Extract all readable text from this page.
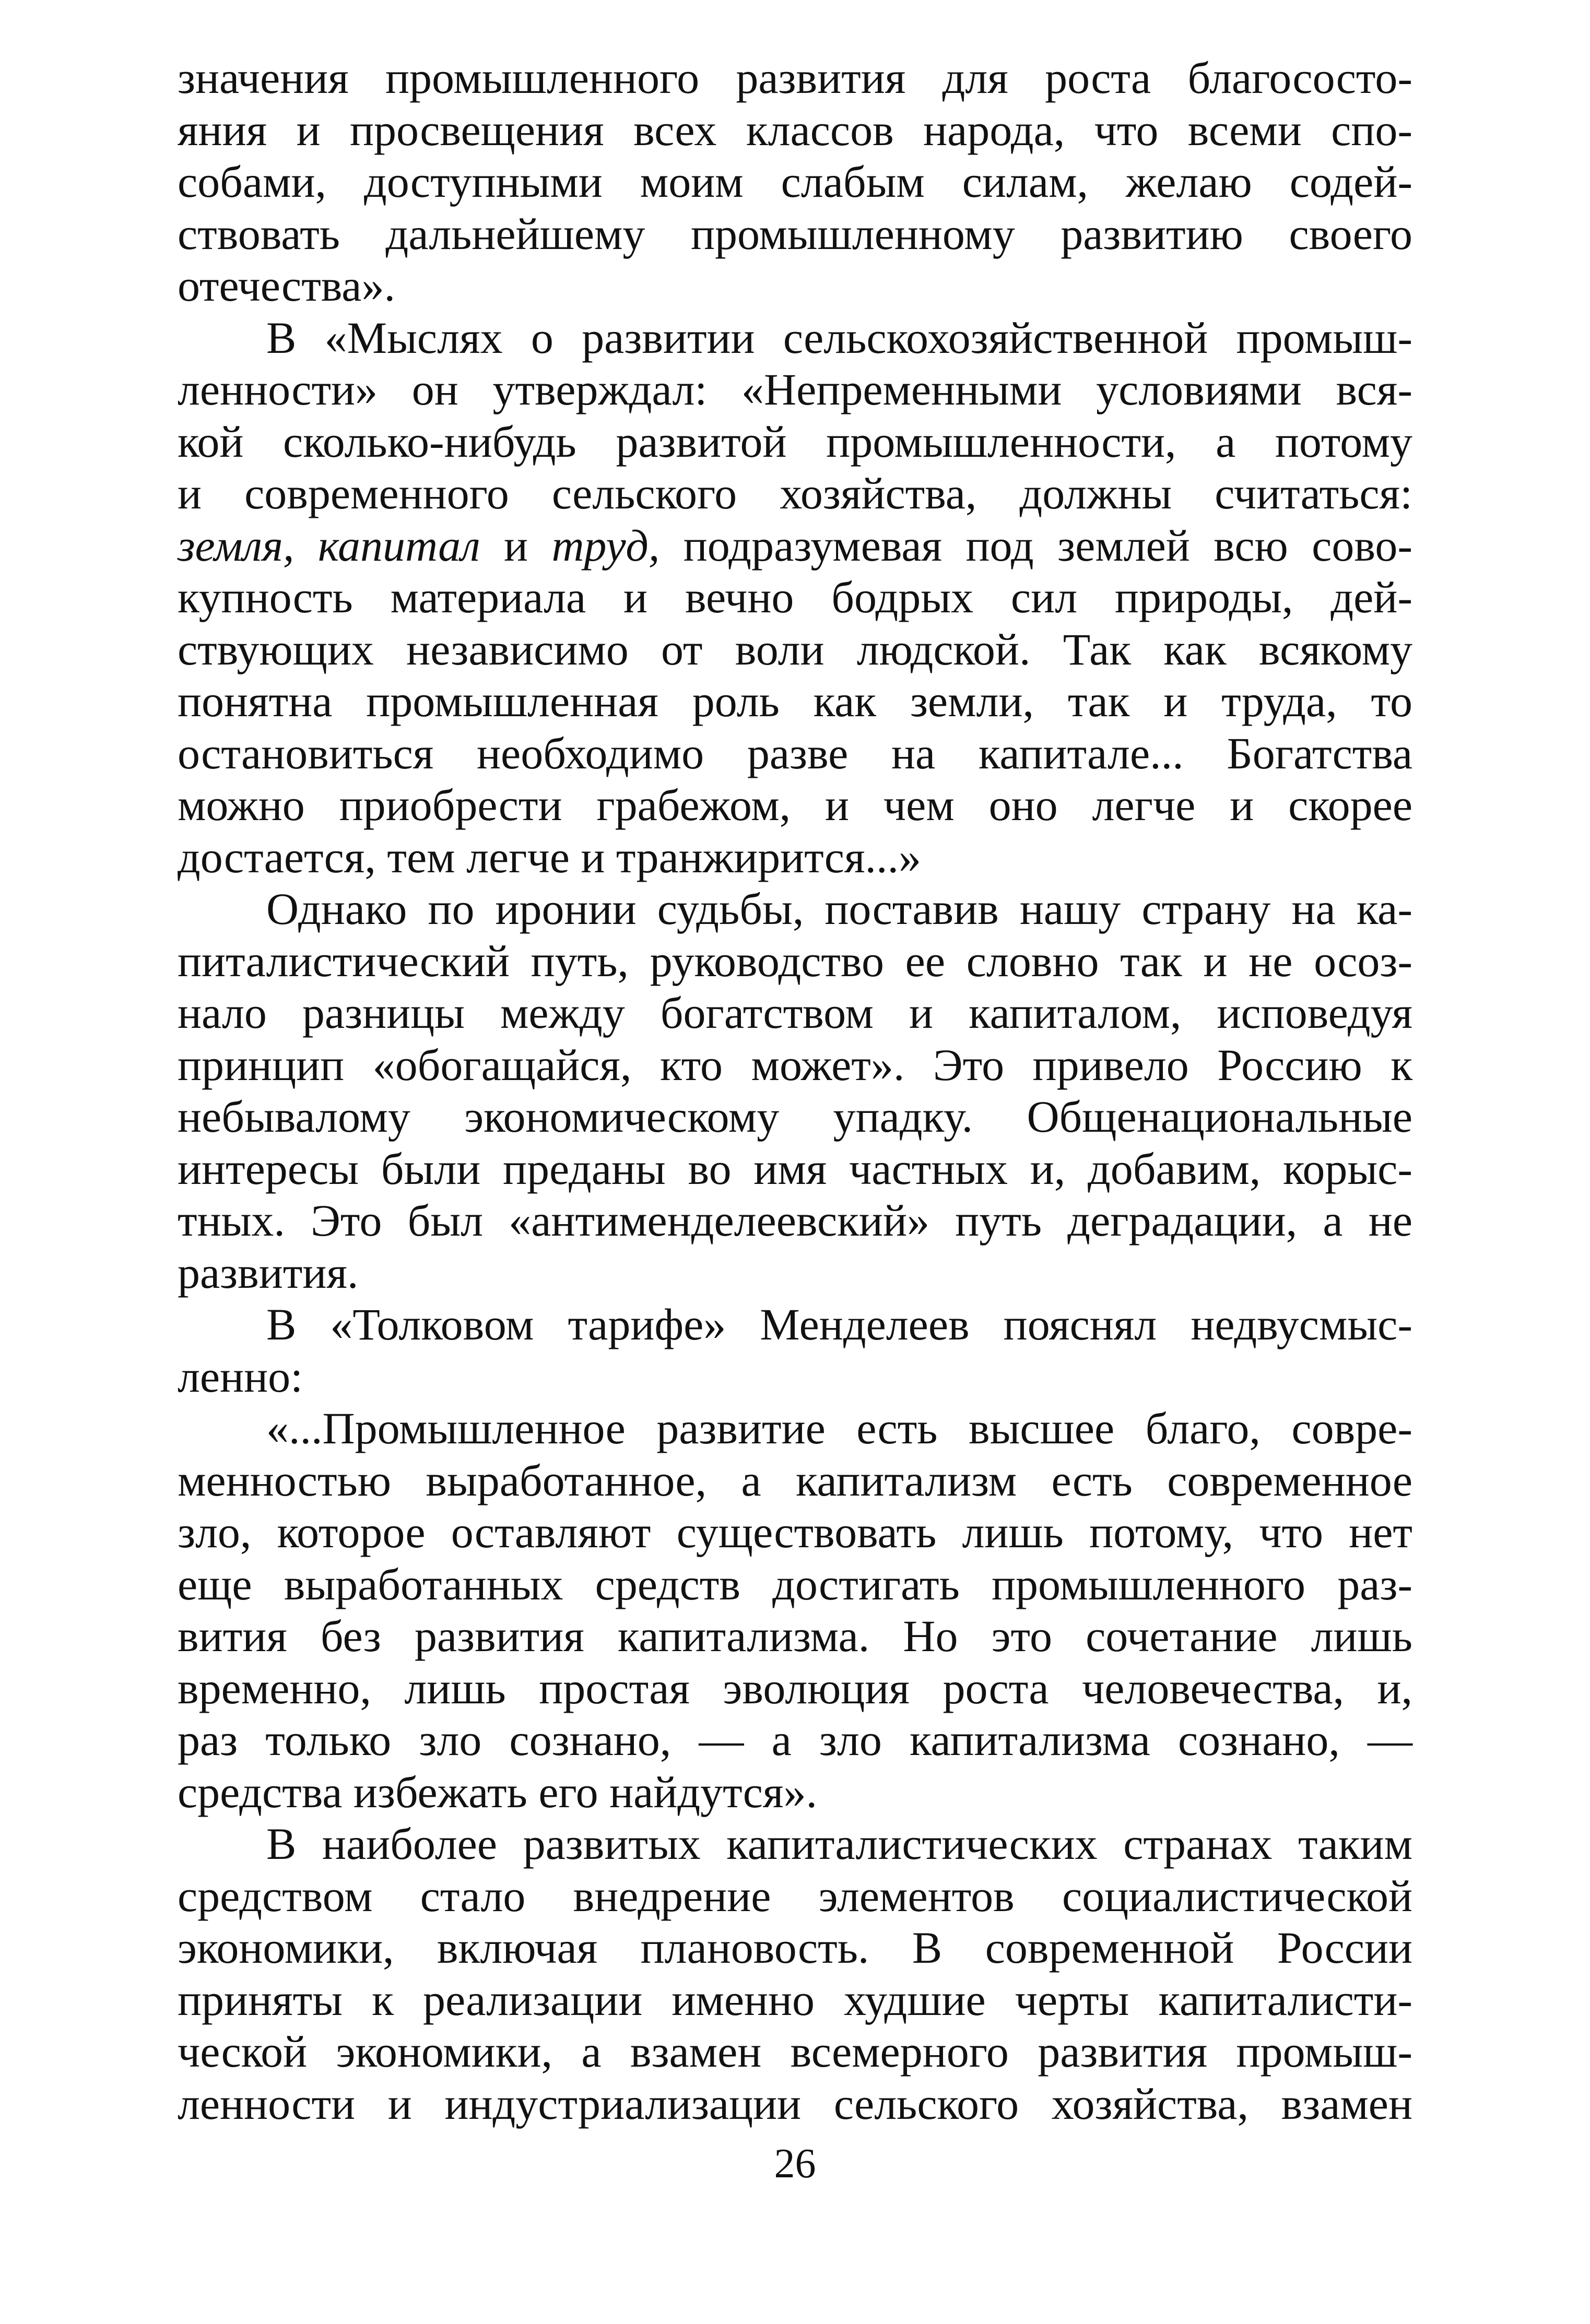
значения промышленного развития для роста благососто-
яния и просвещения всех классов народа, что всеми спо-
собами, доступными моим слабым силам, желаю содей-
ствовать дальнейшему промышленному развитию своего
отечества».
В «Мыслях о развитии сельскохозяйственной промыш-
ленности» он утверждал: «Непременными условиями вся-
кой сколько-нибудь развитой промышленности, а потому
и современного сельского хозяйства, должны считаться:
земля, капитал и труд, подразумевая под землей всю сово-
купность материала и вечно бодрых сил природы, дей-
ствующих независимо от воли людской. Так как всякому
понятна промышленная роль как земли, так и труда, то
остановиться необходимо разве на капитале... Богатства
можно приобрести грабежом, и чем оно легче и скорее
достается, тем легче и транжирится...»
Однако по иронии судьбы, поставив нашу страну на ка-
питалистический путь, руководство ее словно так и не осоз-
нало разницы между богатством и капиталом, исповедуя
принцип «обогащайся, кто может». Это привело Россию к
небывалому экономическому упадку. Общенациональные
интересы были преданы во имя частных и, добавим, корыс-
тных. Это был «антименделеевский» путь деградации, а не
развития.
В «Толковом тарифе» Менделеев пояснял недвусмыс-
ленно:
«...Промышленное развитие есть высшее благо, совре-
менностью выработанное, а капитализм есть современное
зло, которое оставляют существовать лишь потому, что нет
еще выработанных средств достигать промышленного раз-
вития без развития капитализма. Но это сочетание лишь
временно, лишь простая эволюция роста человечества, и,
раз только зло сознано, — а зло капитализма сознано, —
средства избежать его найдутся».
В наиболее развитых капиталистических странах таким
средством стало внедрение элементов социалистической
экономики, включая плановость. В современной России
приняты к реализации именно худшие черты капиталисти-
ческой экономики, а взамен всемерного развития промыш-
ленности и индустриализации сельского хозяйства, взамен
26
